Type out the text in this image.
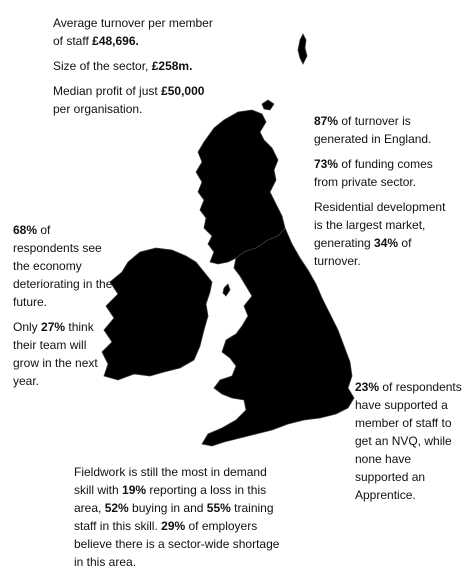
Average turnover per member of staff £48,696.

Size of the sector, £258m.

Median profit of just £50,000 per organisation.

87% of turnover is generated in England.

73% of funding comes from private sector.

Residential development is the largest market, generating 34% of turnover.

68% of respondents see the economy deteriorating in the future.

Only 27% think their team will grow in the next year.	23% of respondents have supported a member of staff to get an NVQ, while none have supported an Apprentice.

Fieldwork is still the most in demand skill with 19% reporting a loss in this area, 52% buying in and 55% training staff in this skill. 29% of employers believe there is a sector-wide shortage in this area.
